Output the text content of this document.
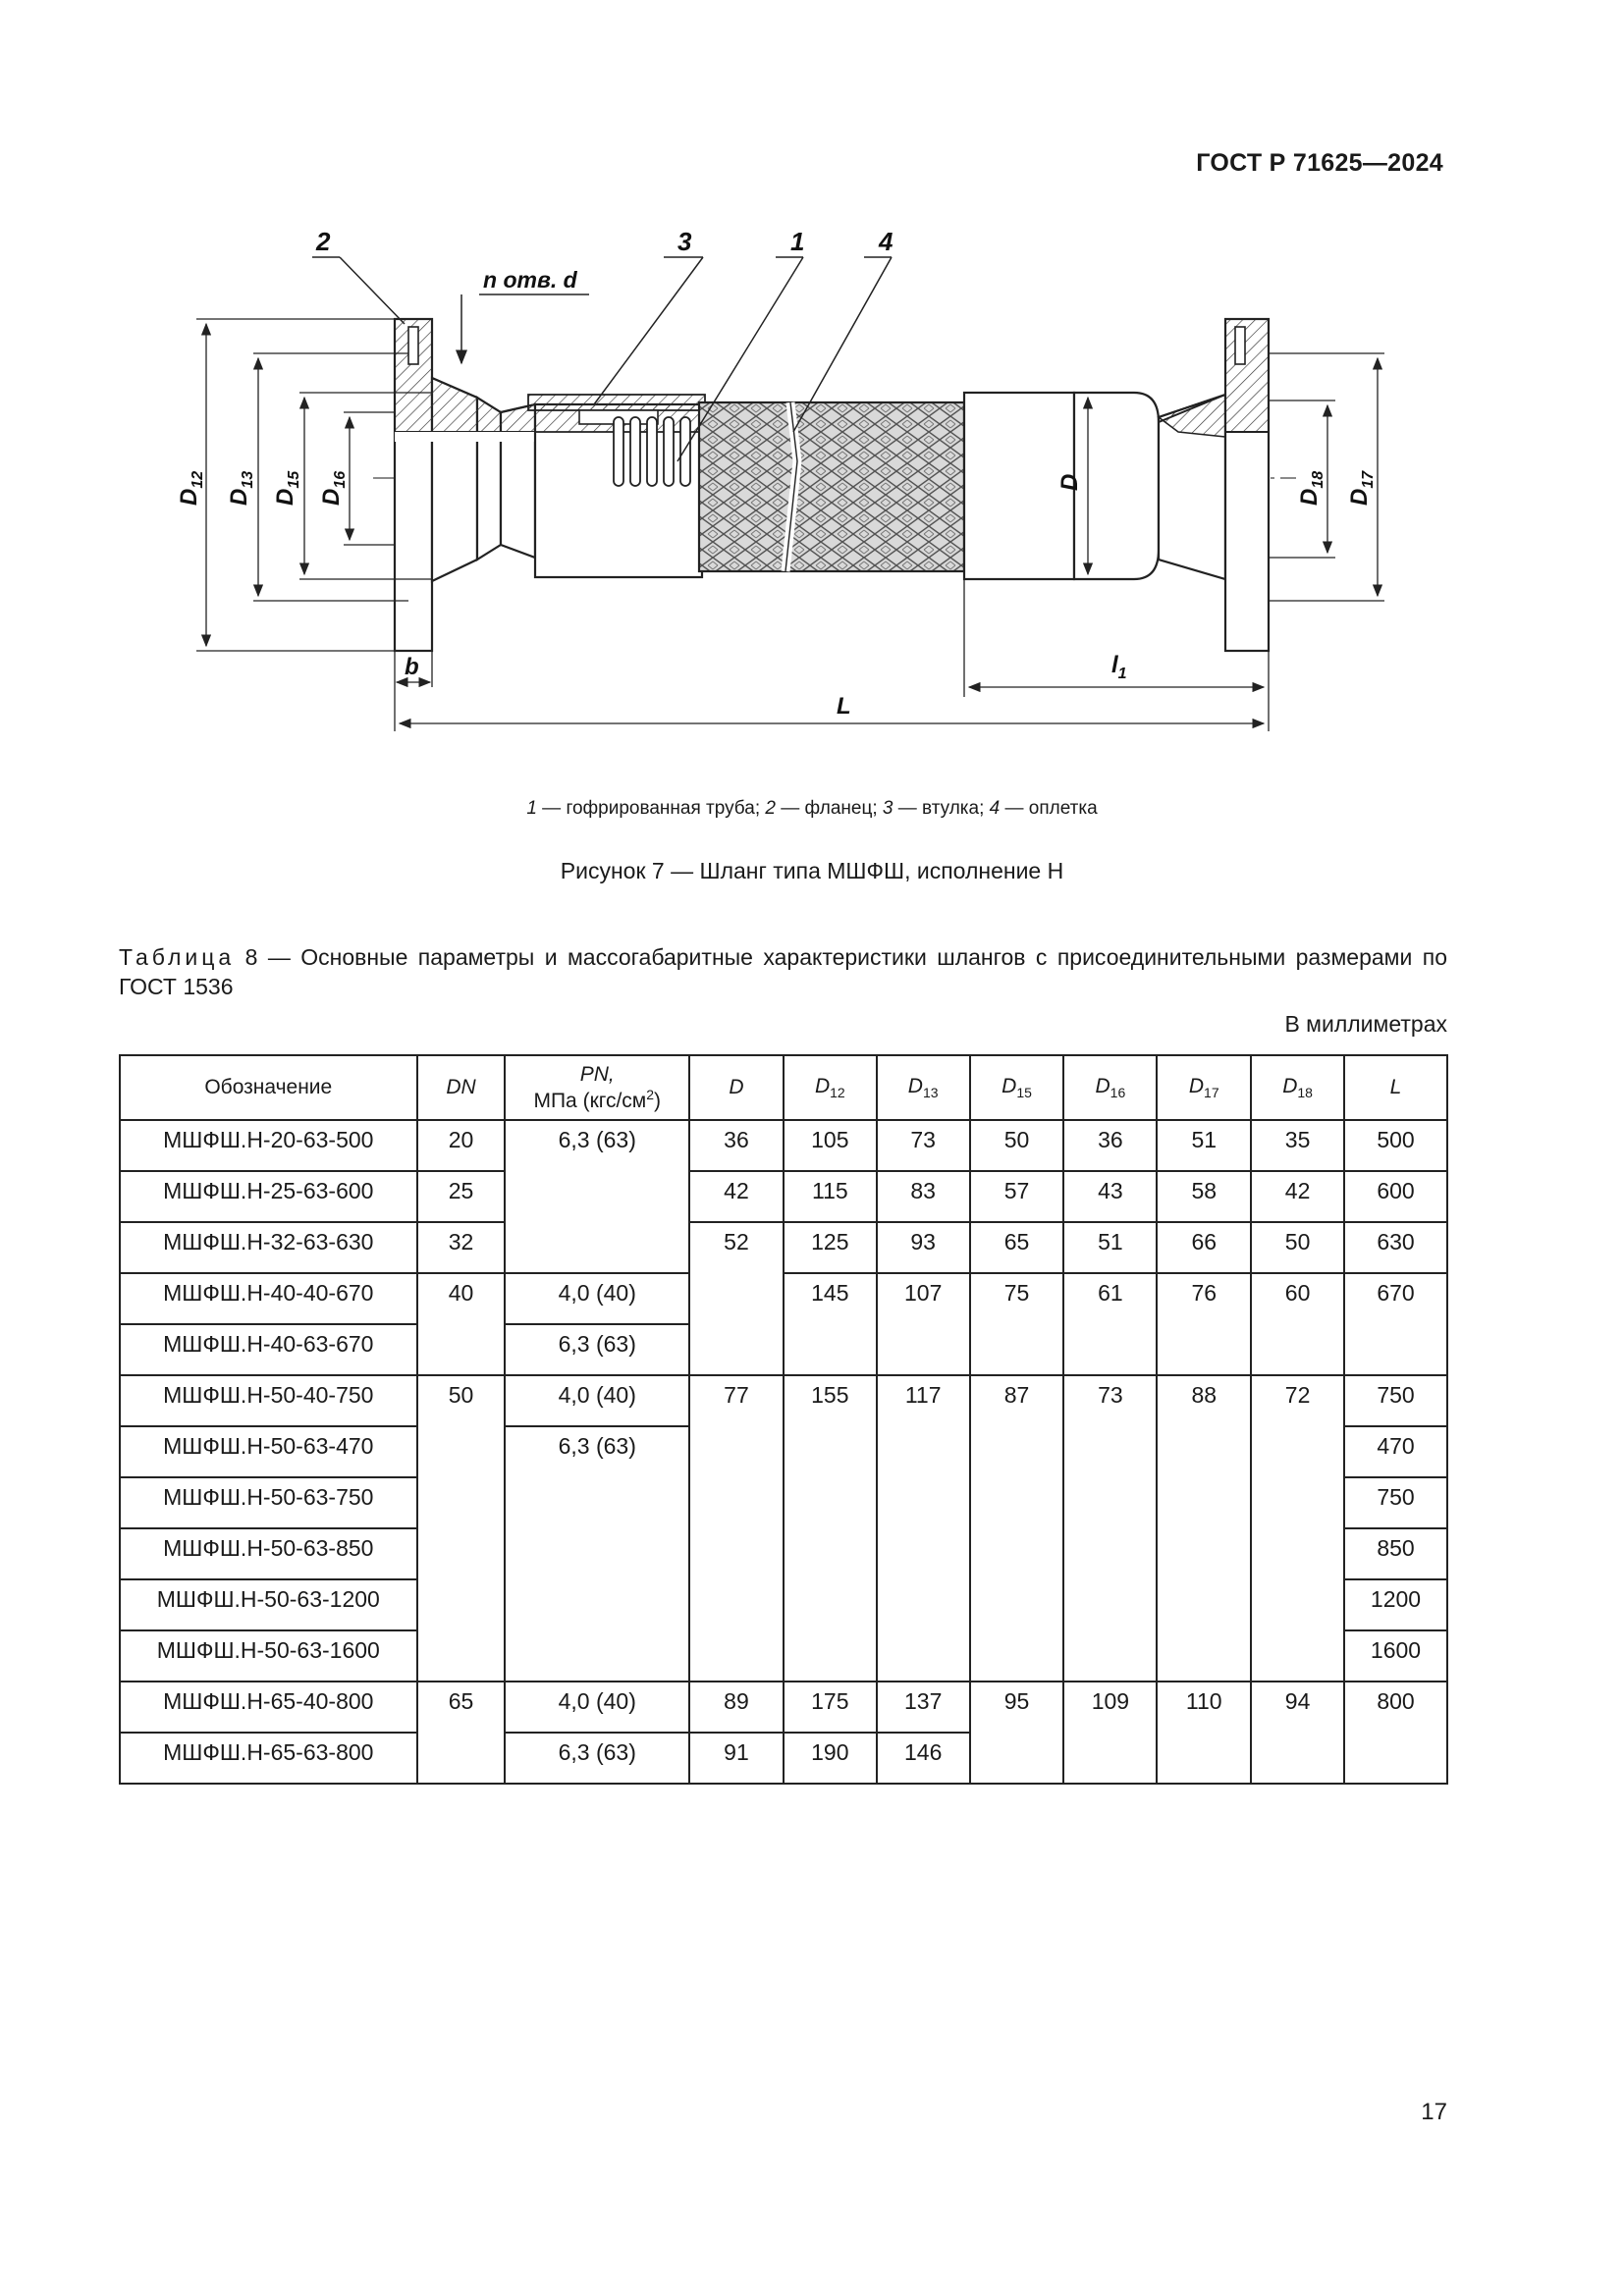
ГОСТ Р 71625—2024
2	3	1	4
n отв. d
$D_{12}$
$D_{13}$
$D_{15}$
$D_{16}$	D
$D_{18}$
$D_{17}$
b	$l_1$
L
1 — гофрированная труба; 2 — фланец; 3 — втулка; 4 — оплетка
Рисунок 7 — Шланг типа МШФШ, исполнение Н
Таблица 8 — Основные параметры и массогабаритные характеристики шлангов с присоединительными размерами по ГОСТ 1536
В миллиметрах
Обозначение	DN	PN,
МПа $(кгс/см^2)$	D	$D_{12}$	$D_{13}$	$D_{15}$	$D_{16}$	$D_{17}$	$D_{18}$	L
МШФШ.Н-20-63-500	20	6,3 (63)	36	105	73	50	36	51	35	500
МШФШ.Н-25-63-600	25		42	115	83	57	43	58	42	600
МШФШ.Н-32-63-630	32		52	125	93	65	51	66	50	630
МШФШ.Н-40-40-670	40	4,0 (40)		145	107	75	61	76	60	670
МШФШ.Н-40-63-670		6,3 (63)								
МШФШ.Н-50-40-750	50	4,0 (40)	77	155	117	87	73	88	72	750
МШФШ.Н-50-63-470		6,3 (63)								470
МШФШ.Н-50-63-750										750
МШФШ.Н-50-63-850										850
МШФШ.Н-50-63-1200										1200
МШФШ.Н-50-63-1600										1600
МШФШ.Н-65-40-800	65	4,0 (40)	89	175	137	95	109	110	94	800
МШФШ.Н-65-63-800		6,3 (63)	91	190	146					
17
